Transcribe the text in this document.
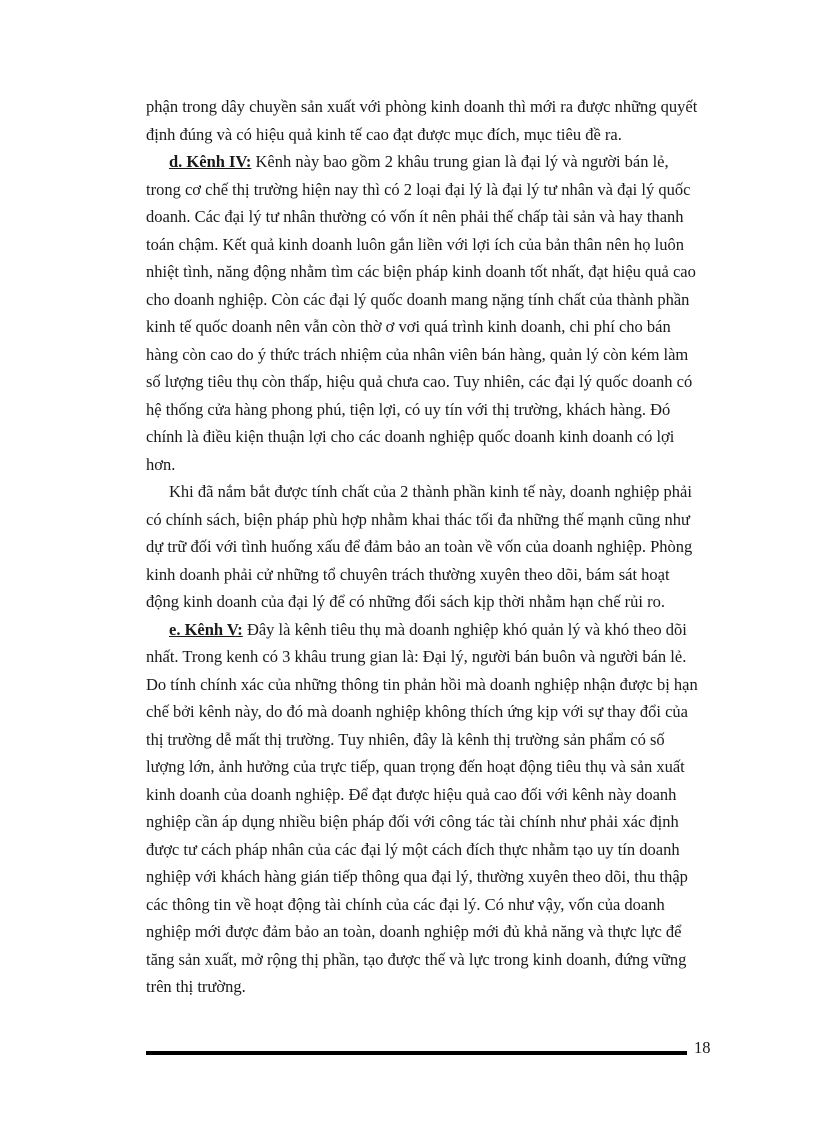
phận trong dây chuyền sản xuất với phòng kinh doanh thì mới ra được những quyết định đúng và có hiệu quả kinh tế cao đạt được mục đích, mục tiêu đề ra.

d. Kênh IV: Kênh này bao gồm 2 khâu trung gian là đại lý và người bán lẻ, trong cơ chế thị trường hiện nay thì có 2 loại đại lý là đại lý tư nhân và đại lý quốc doanh. Các đại lý tư nhân thường có vốn ít nên phải thế chấp tài sản và hay thanh toán chậm. Kết quả kinh doanh luôn gắn liền với lợi ích của bản thân nên họ luôn nhiệt tình, năng động nhằm tìm các biện pháp kinh doanh tốt nhất, đạt hiệu quả cao cho doanh nghiệp. Còn các đại lý quốc doanh mang nặng tính chất của thành phần kinh tế quốc doanh nên vẫn còn thờ ơ vơi quá trình kinh doanh, chi phí cho bán hàng còn cao do ý thức trách nhiệm của nhân viên bán hàng, quản lý còn kém làm số lượng tiêu thụ còn thấp, hiệu quả chưa cao. Tuy nhiên, các đại lý quốc doanh có hệ thống cửa hàng phong phú, tiện lợi, có uy tín với thị trường, khách hàng. Đó chính là điều kiện thuận lợi cho các doanh nghiệp quốc doanh kinh doanh có lợi hơn.

Khi đã nắm bắt được tính chất của 2 thành phần kinh tế này, doanh nghiệp phải có chính sách, biện pháp phù hợp nhằm khai thác tối đa những thế mạnh cũng như dự trữ đối với tình huống xấu để đảm bảo an toàn về vốn của doanh nghiệp. Phòng kinh doanh phải cử những tổ chuyên trách thường xuyên theo dõi, bám sát hoạt động kinh doanh của đại lý để có những đối sách kịp thời nhằm hạn chế rủi ro.

e. Kênh V: Đây là kênh tiêu thụ mà doanh nghiệp khó quản lý và khó theo dõi nhất. Trong kenh có 3 khâu trung gian là: Đại lý, người bán buôn và người bán lẻ. Do tính chính xác của những thông tin phản hồi mà doanh nghiệp nhận được bị hạn chế bởi kênh này, do đó mà doanh nghiệp không thích ứng kịp với sự thay đổi của thị trường dễ mất thị trường. Tuy nhiên, đây là kênh thị trường sản phẩm có số lượng lớn, ảnh hưởng của trực tiếp, quan trọng đến hoạt động tiêu thụ và sản xuất kinh doanh của doanh nghiệp. Để đạt được hiệu quả cao đối với kênh này doanh nghiệp cần áp dụng nhiều biện pháp đối với công tác tài chính như phải xác định được tư cách pháp nhân của các đại lý một cách đích thực nhằm tạo uy tín doanh nghiệp với khách hàng gián tiếp thông qua đại lý, thường xuyên theo dõi, thu thập các thông tin về hoạt động tài chính của các đại lý. Có như vậy, vốn của doanh nghiệp mới được đảm bảo an toàn, doanh nghiệp mới đủ khả năng và thực lực để tăng sản xuất, mở rộng thị phần, tạo được thế và lực trong kinh doanh, đứng vững trên thị trường.

18
